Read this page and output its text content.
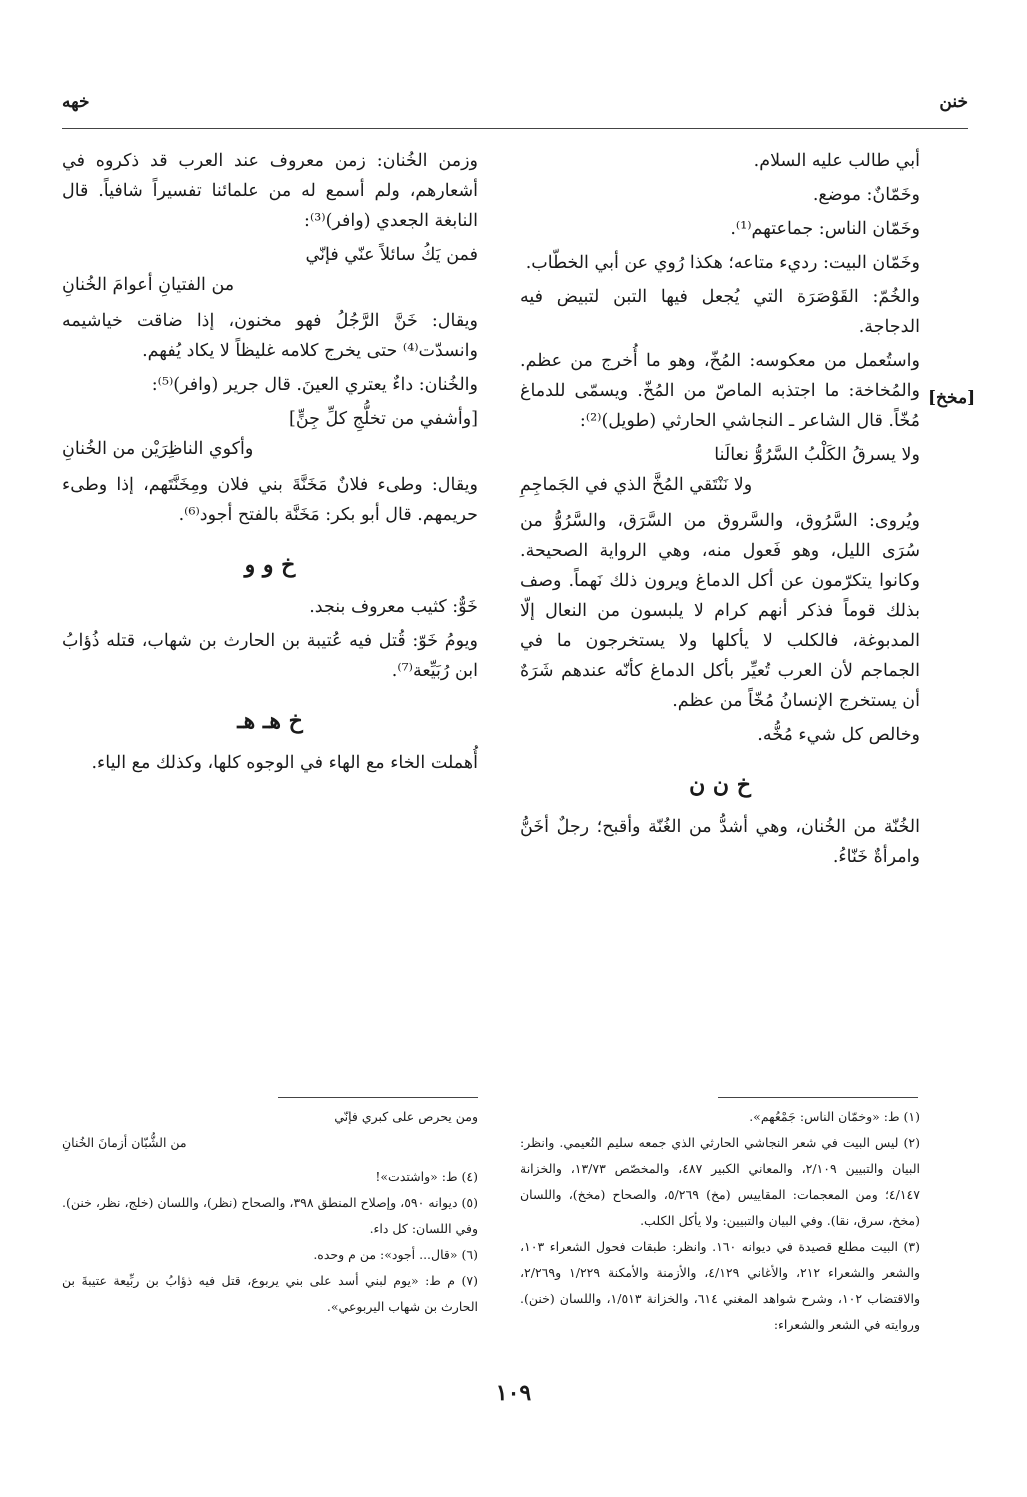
خهه	خنن
[مخخ]

أبي طالب عليه السلام.

وخَمّانٌ: موضع.

وخَمّان الناس: جماعتهم⁽¹⁾.

وخَمّان البيت: رديء متاعه؛ هكذا رُوي عن أبي الخطّاب.

والخُمّ: القَوْصَرَة التي يُجعل فيها التبن لتبيض فيه الدجاجة.

واستُعمل من معكوسه: المُخّ، وهو ما أُخرج من عظم. والمُخاخة: ما اجتذبه الماصّ من المُخّ. ويسمّى للدماغ مُخّاً. قال الشاعر ـ النجاشي الحارثي (طويل)⁽²⁾:

ولا يسرقُ الكَلْبُ السَّرُوُّ نعالَنا
ولا نَنْتَقي المُخَّ الذي في الجَماجِمِ

ويُروى: السَّرُوق، والسَّروق من السَّرَق، والسَّرُوُّ من سُرَى الليل، وهو فَعول منه، وهي الرواية الصحيحة. وكانوا يتكرّمون عن أكل الدماغ ويرون ذلك نَهماً. وصف بذلك قوماً فذكر أنهم كرام لا يلبسون من النعال إلّا المدبوغة، فالكلب لا يأكلها ولا يستخرجون ما في الجماجم لأن العرب تُعيِّر بأكل الدماغ كأنّه عندهم شَرَهٌ أن يستخرج الإنسانُ مُخّاً من عظم.

وخالص كل شيء مُخُّه.

خ ن ن

الخُنّة من الخُنان، وهي أشدُّ من الغُنّة وأقبح؛ رجلٌ أخَنُّ وامرأةٌ خَنّاءُ.

وزمن الخُنان: زمن معروف عند العرب قد ذكروه في أشعارهم، ولم أسمع له من علمائنا تفسيراً شافياً. قال النابغة الجعدي (وافر)⁽³⁾:

فمن يَكُ سائلاً عنّي فإنّي
من الفتيانِ أعوامَ الخُنانِ

ويقال: خَنَّ الرَّجُلُ فهو مخنون، إذا ضاقت خياشيمه وانسدّت⁽⁴⁾ حتى يخرج كلامه غليظاً لا يكاد يُفهم.

والخُنان: داءٌ يعتري العينَ. قال جرير (وافر)⁽⁵⁾:

[وأشفي من تخلُّجِ كلِّ جِنٍّ]
وأكوي الناظِرَيْن من الخُنانِ

ويقال: وطىء فلانٌ مَخَنَّةَ بني فلان ومِخَنَّتَهم، إذا وطىء حريمهم. قال أبو بكر: مَخَنَّة بالفتح أجود⁽⁶⁾.

خ و و

خَوٌّ: كثيب معروف بنجد.

ويومُ خَوّ: قُتل فيه عُتيبة بن الحارث بن شهاب، قتله ذُؤابُ ابن رُبَيِّعة⁽⁷⁾.

خ هـ هـ

أُهملت الخاء مع الهاء في الوجوه كلها، وكذلك مع الياء.

(١) ط: «وخمّان الناس: جَمْعُهم».

(٢) ليس البيت في شعر النجاشي الحارثي الذي جمعه سليم النُعيمي. وانظر: البيان والتبيين ٢/١٠٩، والمعاني الكبير ٤٨٧، والمخصّص ١٣/٧٣، والخزانة ٤/١٤٧؛ ومن المعجمات: المقاييس (مخ) ٥/٢٦٩، والصحاح (مخخ)، واللسان (مخخ، سرق، نقا). وفي البيان والتبيين: ولا يأكل الكلب.

(٣) البيت مطلع قصيدة في ديوانه ١٦٠. وانظر: طبقات فحول الشعراء ١٠٣، والشعر والشعراء ٢١٢، والأغاني ٤/١٢٩، والأزمنة والأمكنة ١/٢٢٩ و٢/٢٦٩، والاقتضاب ١٠٢، وشرح شواهد المغني ٦١٤، والخزانة ١/٥١٣، واللسان (خنن). وروايته في الشعر والشعراء:

ومن يحرص على كبري فإنّي
من الشُّبّان أزمانَ الخُنانِ

(٤) ط: «واشتدت»!

(٥) ديوانه ٥٩٠، وإصلاح المنطق ٣٩٨، والصحاح (نظر)، واللسان (خلج، نظر، خنن). وفي اللسان: كل داء.

(٦) «قال... أجود»: من م وحده.

(٧) م ط: «يوم لبني أسد على بني يربوع، قتل فيه ذؤابُ بن ربِّيعة عتيبةَ بن الحارث بن شهاب اليربوعي».

١٠٩
